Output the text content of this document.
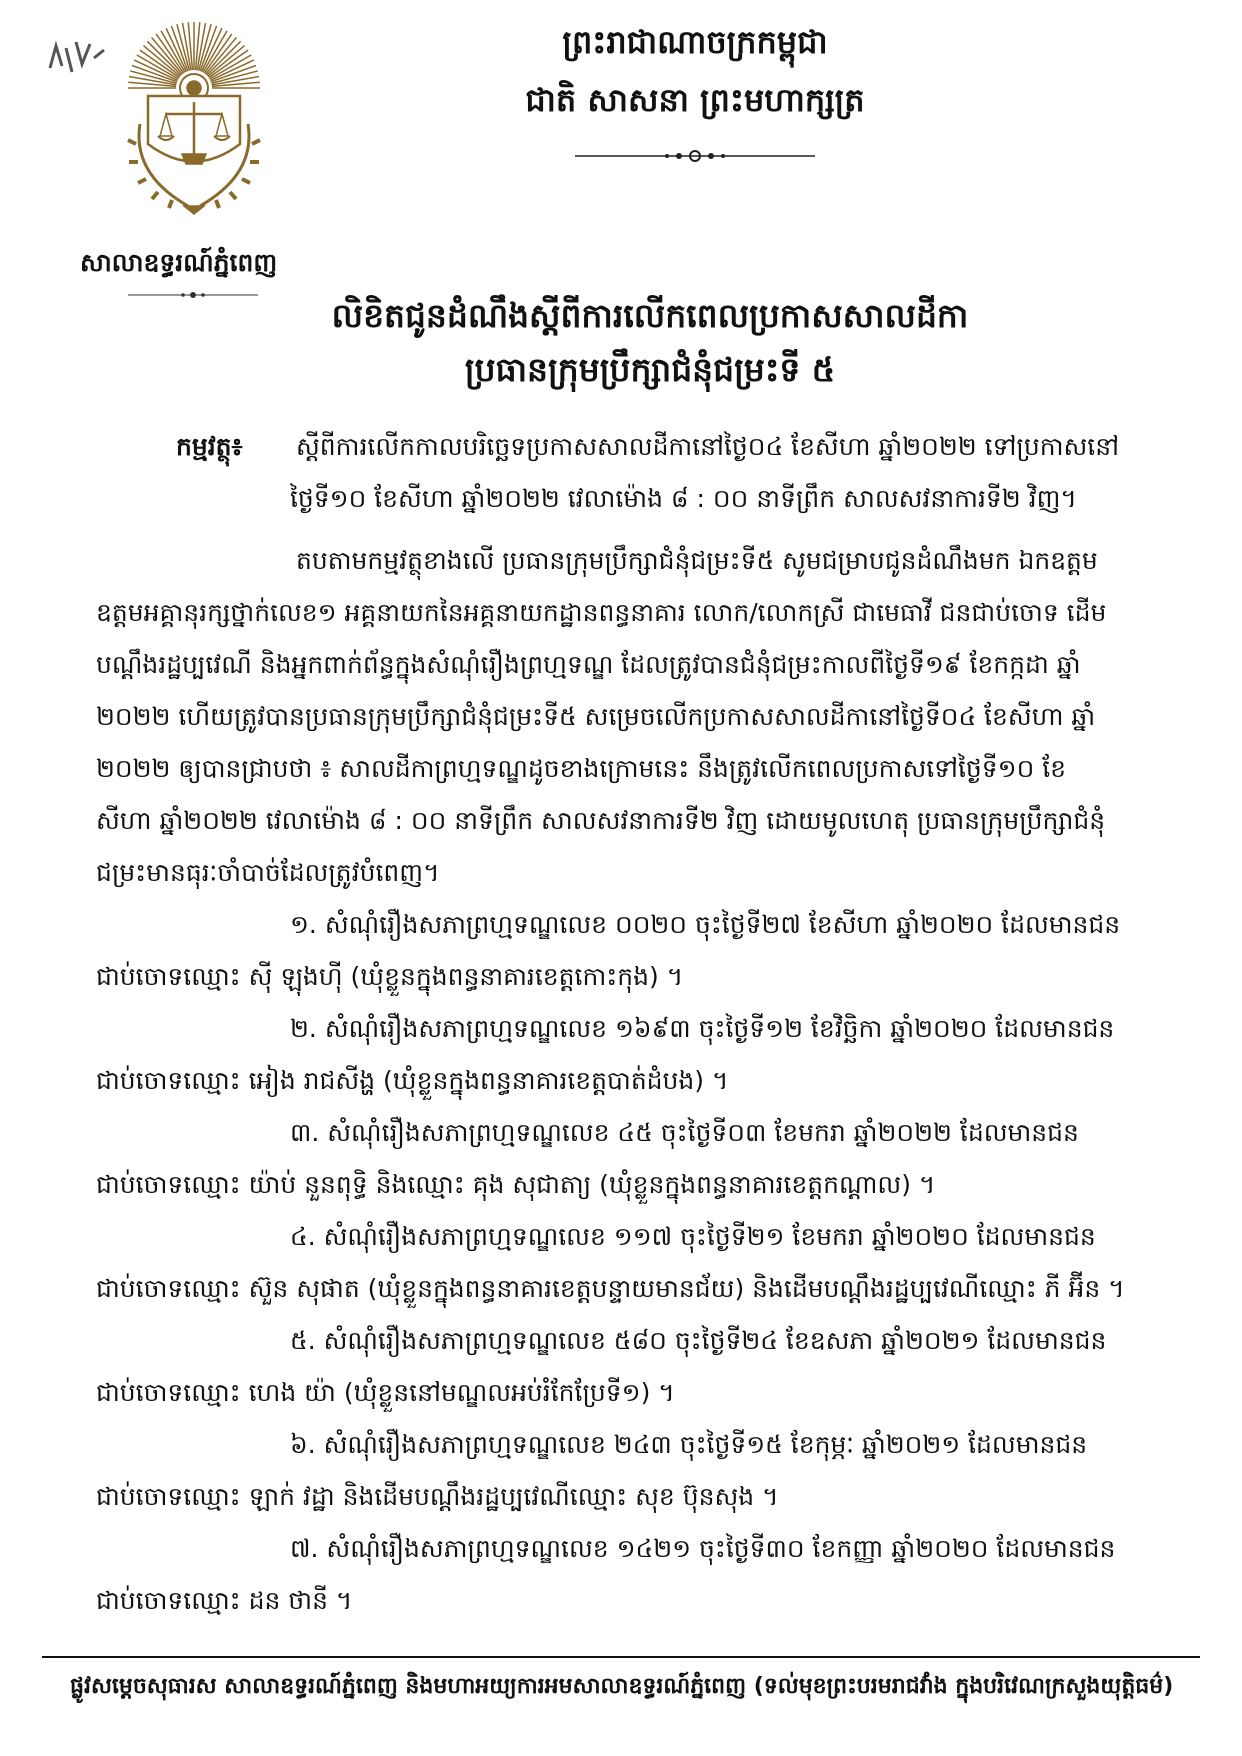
សាលាឧទ្ធរណ៍ភ្នំពេញ
ព្រះរាជាណាចក្រកម្ពុជា
ជាតិ សាសនា ព្រះមហាក្សត្រ
លិខិតជូនដំណឹងស្តីពីការលើកពេលប្រកាសសាលដីកា
ប្រធានក្រុមប្រឹក្សាជំនុំជម្រះទី ៥
កម្មវត្ថុ៖ ស្តីពីការលើកកាលបរិច្ឆេទប្រកាសសាលដីកានៅថ្ងៃ០៤ ខែសីហា ឆ្នាំ២០២២ ទៅប្រកាសនៅ
ថ្ងៃទី១០ ខែសីហា ឆ្នាំ២០២២ វេលាម៉ោង ៨ : ០០ នាទីព្រឹក សាលសវនាការទី២ វិញ។
តបតាមកម្មវត្ថុខាងលើ ប្រធានក្រុមប្រឹក្សាជំនុំជម្រះទី៥ សូមជម្រាបជូនដំណឹងមក ឯកឧត្តម
ឧត្តមអគ្គានុរក្សថ្នាក់លេខ១ អគ្គនាយកនៃអគ្គនាយកដ្ឋានពន្ធនាគារ លោក/លោកស្រី ជាមេធាវី ជនជាប់ចោទ ដើម
បណ្តឹងរដ្ឋប្បវេណី និងអ្នកពាក់ព័ន្ធក្នុងសំណុំរឿងព្រហ្មទណ្ឌ ដែលត្រូវបានជំនុំជម្រះកាលពីថ្ងៃទី១៩ ខែកក្កដា ឆ្នាំ
២០២២ ហើយត្រូវបានប្រធានក្រុមប្រឹក្សាជំនុំជម្រះទី៥ សម្រេចលើកប្រកាសសាលដីកានៅថ្ងៃទី០៤ ខែសីហា ឆ្នាំ
២០២២ ឲ្យបានជ្រាបថា ៖ សាលដីកាព្រហ្មទណ្ឌដូចខាងក្រោមនេះ នឹងត្រូវលើកពេលប្រកាសទៅថ្ងៃទី១០ ខែ
សីហា ឆ្នាំ២០២២ វេលាម៉ោង ៨ : ០០ នាទីព្រឹក សាលសវនាការទី២ វិញ ដោយមូលហេតុ ប្រធានក្រុមប្រឹក្សាជំនុំ
ជម្រះមានធុរៈចាំបាច់ដែលត្រូវបំពេញ។
១. សំណុំរឿងសភាព្រហ្មទណ្ឌលេខ ០០២០ ចុះថ្ងៃទី២៧ ខែសីហា ឆ្នាំ២០២០ ដែលមានជន
ជាប់ចោទឈ្មោះ ស៊ី ឡុងហ៊ី (ឃុំខ្លួនក្នុងពន្ធនាគារខេត្តកោះកុង) ។
២. សំណុំរឿងសភាព្រហ្មទណ្ឌលេខ ១៦៩៣ ចុះថ្ងៃទី១២ ខែវិច្ឆិកា ឆ្នាំ២០២០ ដែលមានជន
ជាប់ចោទឈ្មោះ អៀង រាជសីង្ហ (ឃុំខ្លួនក្នុងពន្ធនាគារខេត្តបាត់ដំបង) ។
៣. សំណុំរឿងសភាព្រហ្មទណ្ឌលេខ ៤៥ ចុះថ្ងៃទី០៣ ខែមករា ឆ្នាំ២០២២ ដែលមានជន
ជាប់ចោទឈ្មោះ យ៉ាប់ នួនពុទ្ធិ និងឈ្មោះ គុង សុជាតា្យ (ឃុំខ្លួនក្នុងពន្ធនាគារខេត្តកណ្តាល) ។
៤. សំណុំរឿងសភាព្រហ្មទណ្ឌលេខ ១១៧ ចុះថ្ងៃទី២១ ខែមករា ឆ្នាំ២០២០ ដែលមានជន
ជាប់ចោទឈ្មោះ ស៊ួន សុផាត (ឃុំខ្លួនក្នុងពន្ធនាគារខេត្តបន្ទាយមានជ័យ) និងដើមបណ្តឹងរដ្ឋប្បវេណីឈ្មោះ ភី អ៊ីន ។
៥. សំណុំរឿងសភាព្រហ្មទណ្ឌលេខ ៥៨០ ចុះថ្ងៃទី២៤ ខែឧសភា ឆ្នាំ២០២១ ដែលមានជន
ជាប់ចោទឈ្មោះ ហេង យ៉ា (ឃុំខ្លួននៅមណ្ឌលអប់រំកែប្រែទី១) ។
៦. សំណុំរឿងសភាព្រហ្មទណ្ឌលេខ ២៤៣ ចុះថ្ងៃទី១៥ ខែកុម្ភៈ ឆ្នាំ២០២១ ដែលមានជន
ជាប់ចោទឈ្មោះ ឡាក់ វដ្ឋា និងដើមបណ្តឹងរដ្ឋប្បវេណីឈ្មោះ សុខ ប៊ុនសុង ។
៧. សំណុំរឿងសភាព្រហ្មទណ្ឌលេខ ១៤២១ ចុះថ្ងៃទី៣០ ខែកញ្ញា ឆ្នាំ២០២០ ដែលមានជន
ជាប់ចោទឈ្មោះ ដន ថានី ។
ផ្លូវសម្តេចសុធារស សាលាឧទ្ធរណ៍ភ្នំពេញ និងមហាអយ្យការអមសាលាឧទ្ធរណ៍ភ្នំពេញ (ទល់មុខព្រះបរមរាជវាំង ក្នុងបរិវេណក្រសួងយុត្តិធម៌)
